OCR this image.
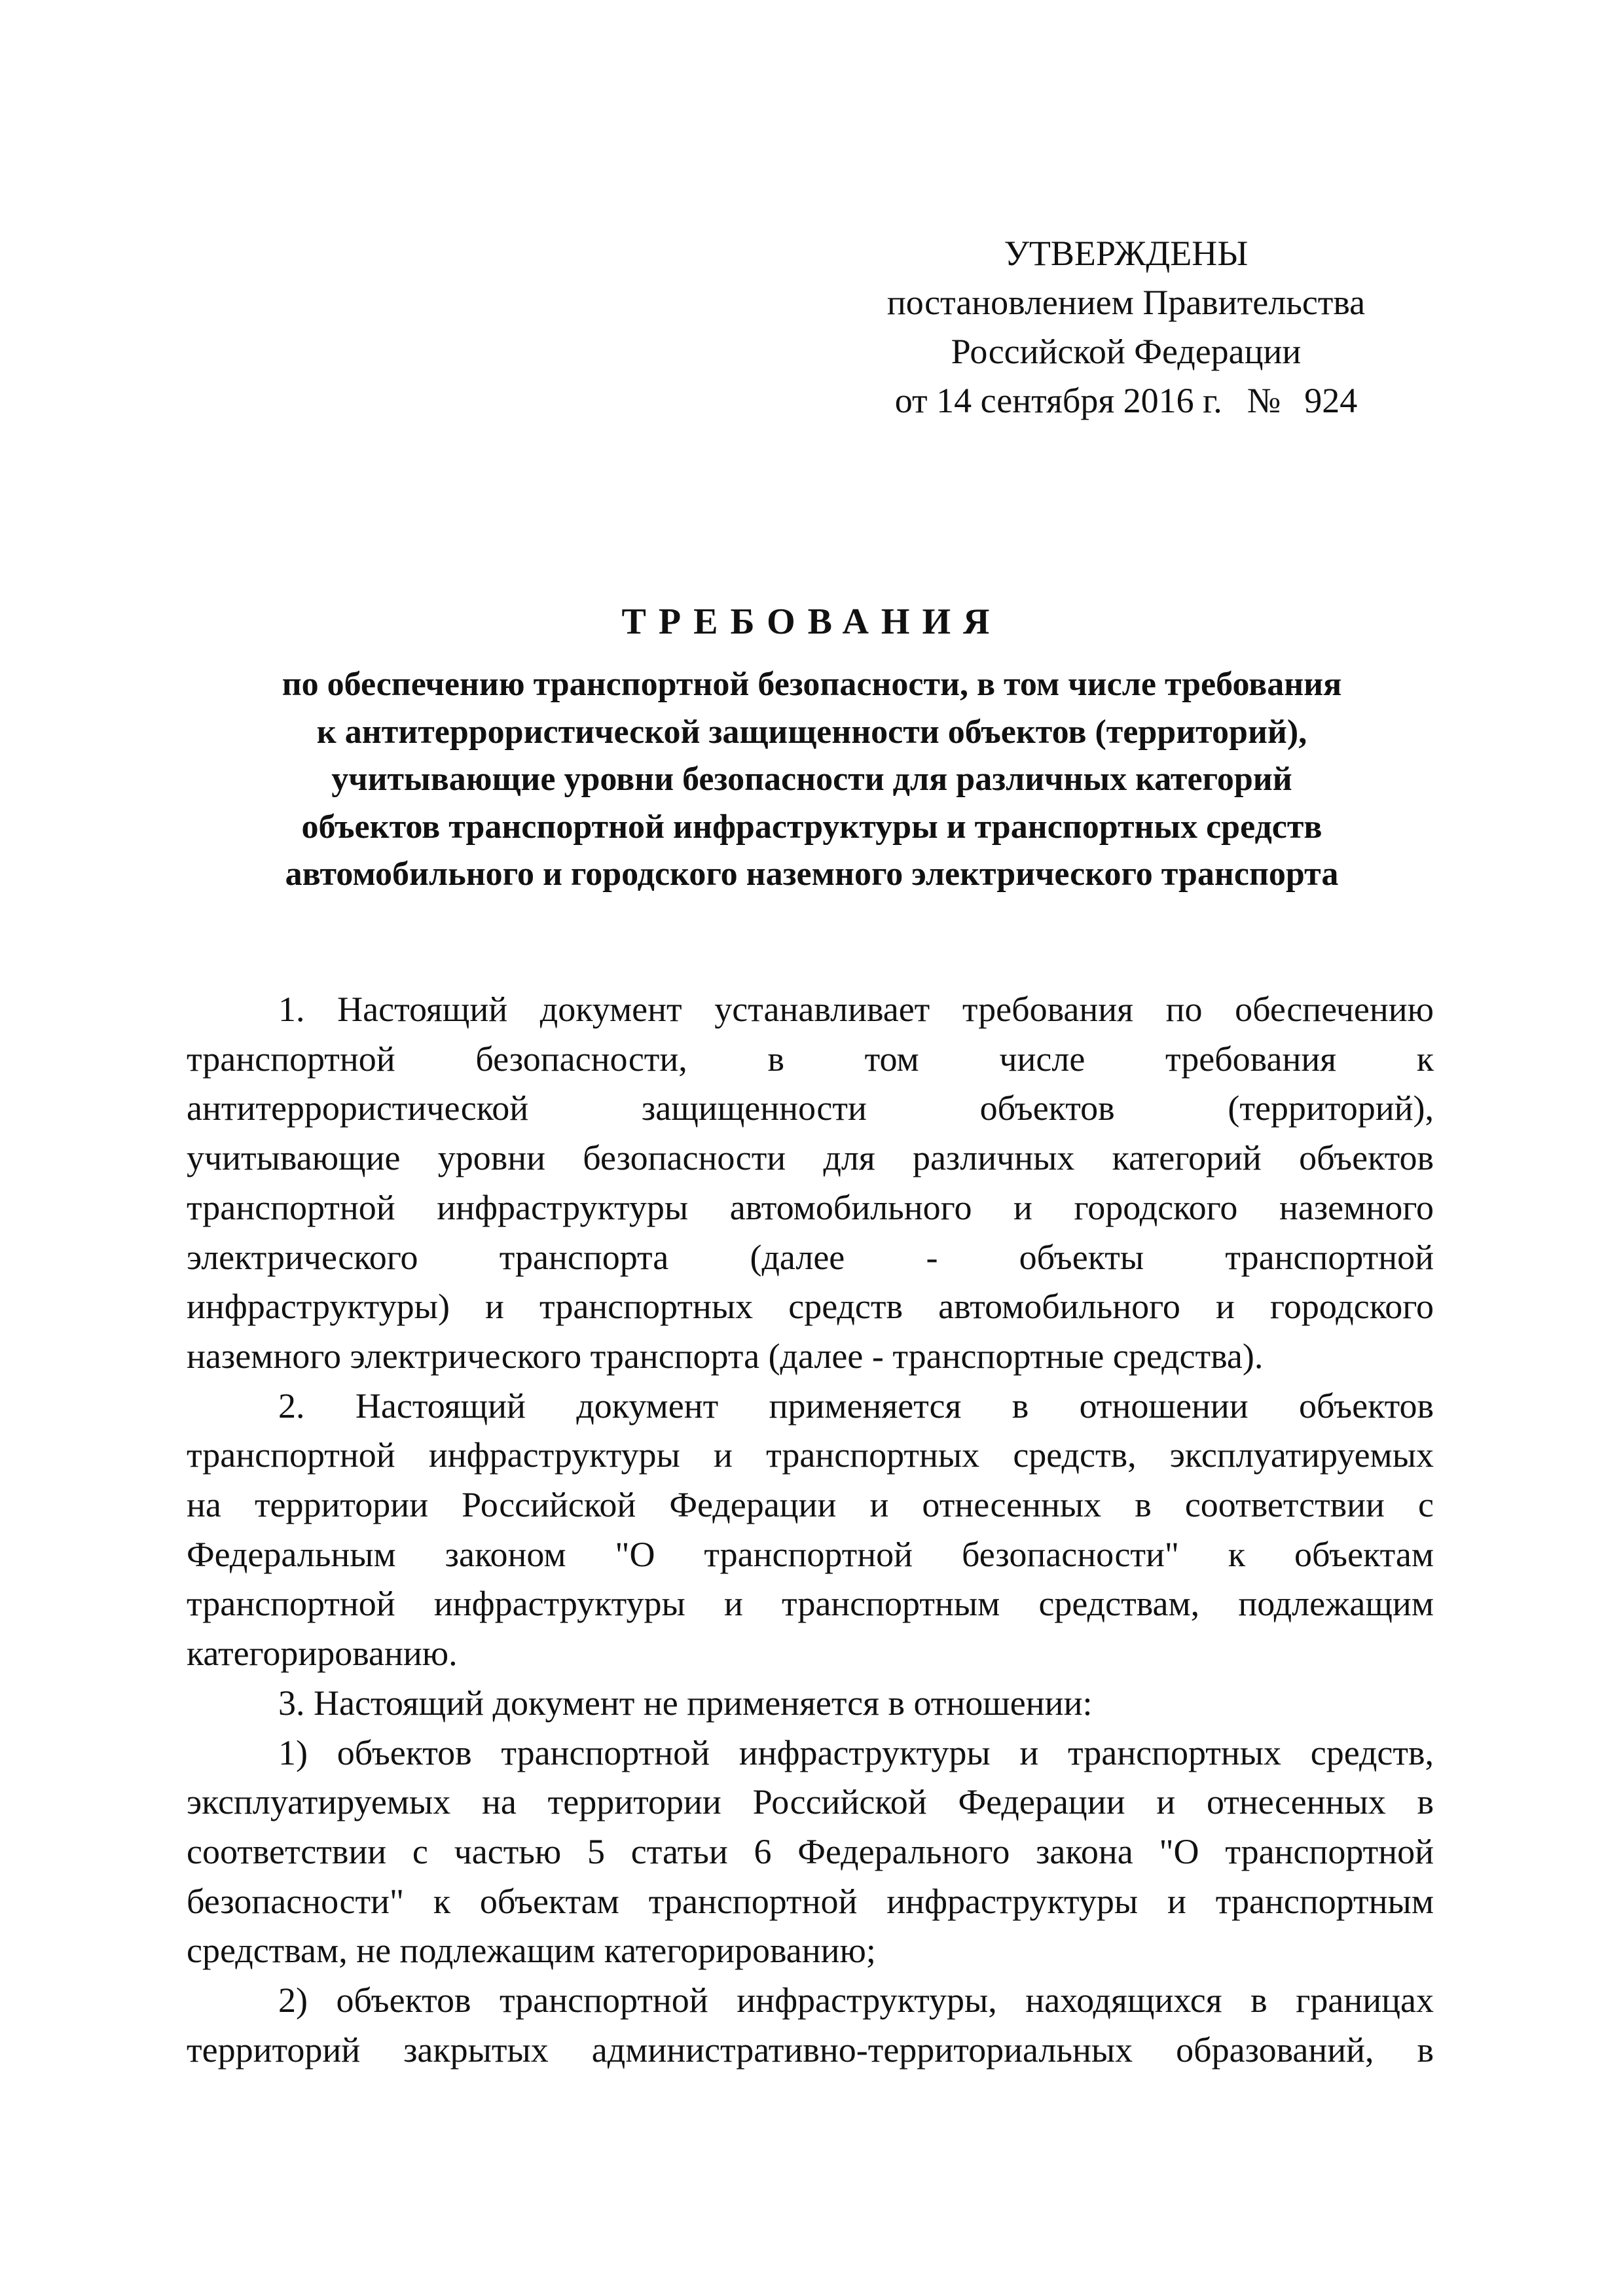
УТВЕРЖДЕНЫ
постановлением Правительства
Российской Федерации
от 14 сентября 2016 г. № 924
ТРЕБОВАНИЯ
по обеспечению транспортной безопасности, в том числе требования
к антитеррористической защищенности объектов (территорий),
учитывающие уровни безопасности для различных категорий
объектов транспортной инфраструктуры и транспортных средств
автомобильного и городского наземного электрического транспорта
1. Настоящий документ устанавливает требования по обеспечению
транспортной безопасности, в том числе требования к
антитеррористической защищенности объектов (территорий),
учитывающие уровни безопасности для различных категорий объектов
транспортной инфраструктуры автомобильного и городского наземного
электрического транспорта (далее - объекты транспортной
инфраструктуры) и транспортных средств автомобильного и городского
наземного электрического транспорта (далее - транспортные средства).
2. Настоящий документ применяется в отношении объектов
транспортной инфраструктуры и транспортных средств, эксплуатируемых
на территории Российской Федерации и отнесенных в соответствии с
Федеральным законом "О транспортной безопасности" к объектам
транспортной инфраструктуры и транспортным средствам, подлежащим
категорированию.
3. Настоящий документ не применяется в отношении:
1) объектов транспортной инфраструктуры и транспортных средств,
эксплуатируемых на территории Российской Федерации и отнесенных в
соответствии с частью 5 статьи 6 Федерального закона "О транспортной
безопасности" к объектам транспортной инфраструктуры и транспортным
средствам, не подлежащим категорированию;
2) объектов транспортной инфраструктуры, находящихся в границах
территорий закрытых административно-территориальных образований, в
